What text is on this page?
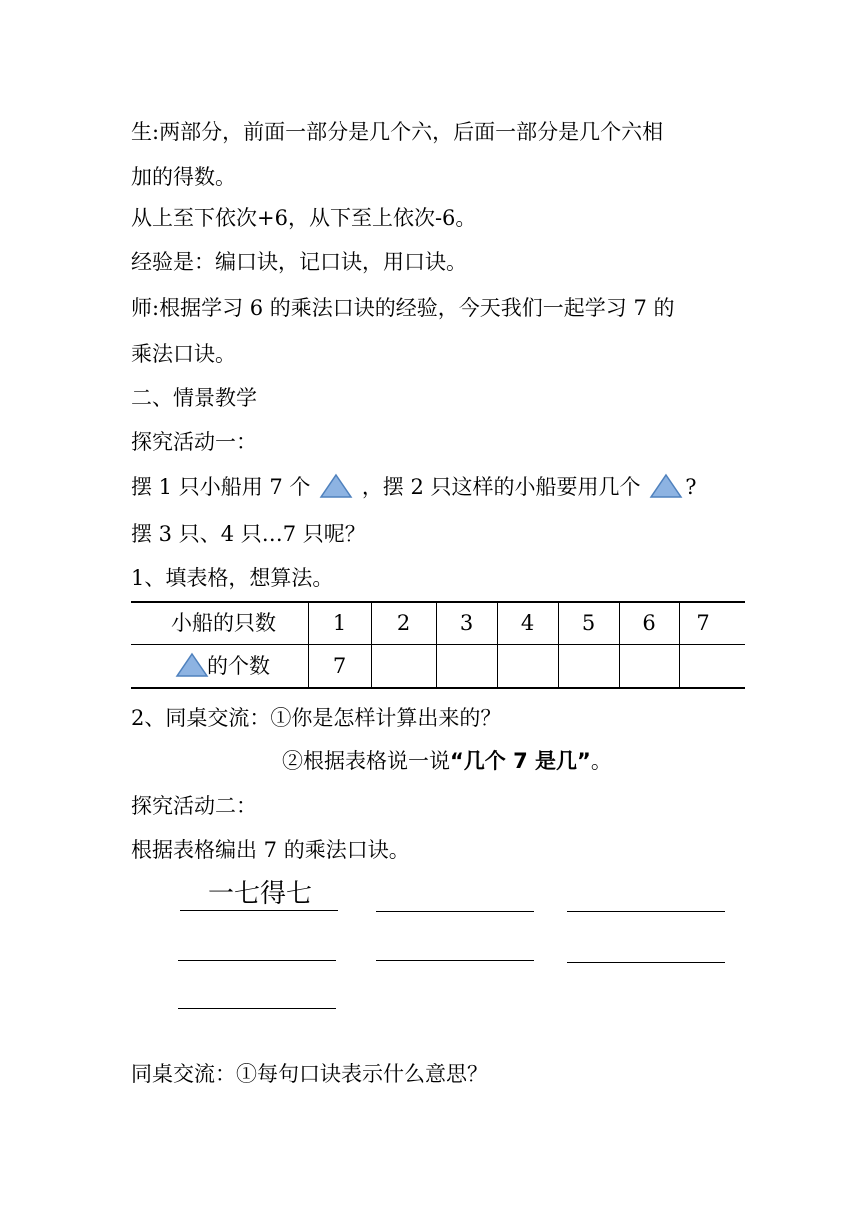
生:两部分，前面一部分是几个六，后面一部分是几个六相
加的得数。
从上至下依次+6，从下至上依次-6。
经验是：编口诀，记口诀，用口诀。
师:根据学习 6 的乘法口诀的经验，今天我们一起学习 7 的
乘法口诀。
二、情景教学
探究活动一：
摆 1 只小船用 7 个 ，摆 2 只这样的小船要用几个 ?
摆 3 只、4 只…7 只呢？
1、填表格，想算法。
小船的只数	1	2	3	4	5	6	7
的个数	7
2、同桌交流：①你是怎样计算出来的？
②根据表格说一说“几个 7 是几”。
探究活动二：
根据表格编出 7 的乘法口诀。
一七得七
同桌交流：①每句口诀表示什么意思？
